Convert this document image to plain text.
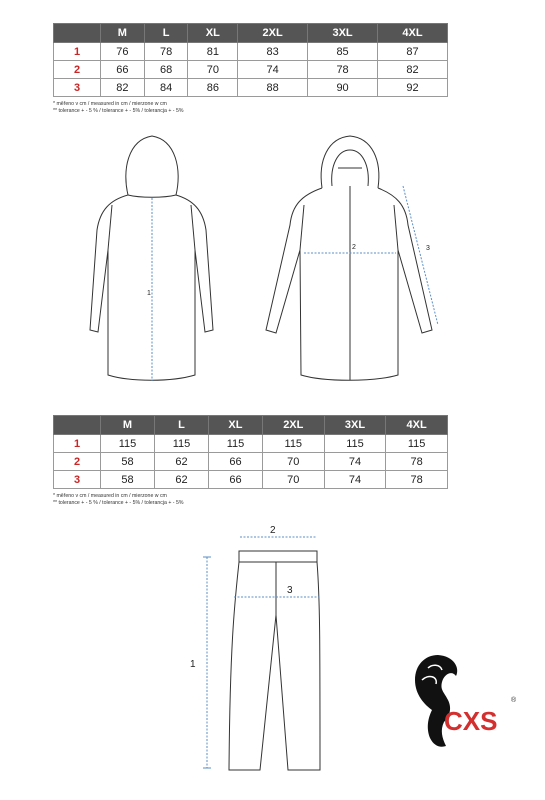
	M	L	XL	2XL	3XL	4XL
1	76	78	81	83	85	87
2	66	68	70	74	78	82
3	82	84	86	88	90	92
* měřeno v cm / measured in cm / mierzone w cm
** tolerance + - 5 % / tolerance + - 5% / tolerancja + - 5%
1
2	3
	M	L	XL	2XL	3XL	4XL
1	115	115	115	115	115	115
2	58	62	66	70	74	78
3	58	62	66	70	74	78
* měřeno v cm / measured in cm / mierzone w cm
** tolerance + - 5 % / tolerance + - 5% / tolerancja + - 5%
2
3
1
CXS
®
